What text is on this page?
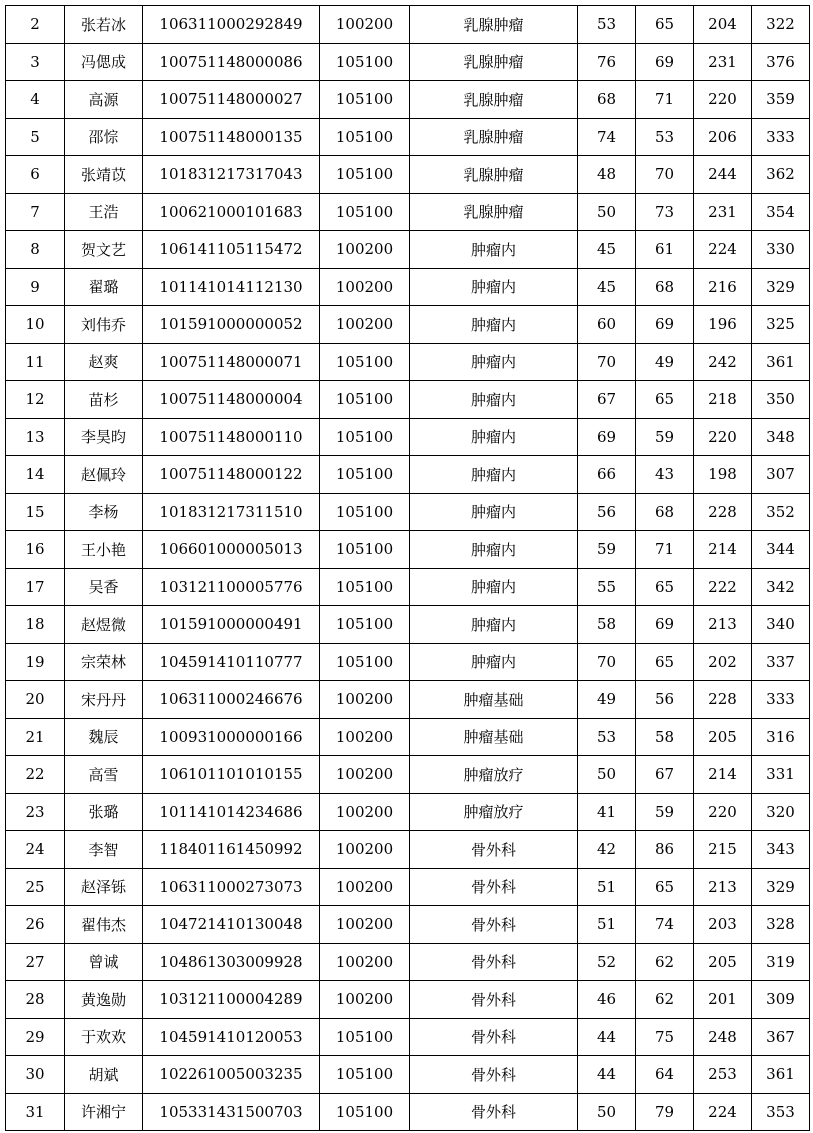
2	张若冰	106311000292849	100200	乳腺肿瘤	53	65	204	322
3	冯偲成	100751148000086	105100	乳腺肿瘤	76	69	231	376
4	高源	100751148000027	105100	乳腺肿瘤	68	71	220	359
5	邵悰	100751148000135	105100	乳腺肿瘤	74	53	206	333
6	张靖苡	101831217317043	105100	乳腺肿瘤	48	70	244	362
7	王浩	100621000101683	105100	乳腺肿瘤	50	73	231	354
8	贺文艺	106141105115472	100200	肿瘤内	45	61	224	330
9	翟璐	101141014112130	100200	肿瘤内	45	68	216	329
10	刘伟乔	101591000000052	100200	肿瘤内	60	69	196	325
11	赵爽	100751148000071	105100	肿瘤内	70	49	242	361
12	苗杉	100751148000004	105100	肿瘤内	67	65	218	350
13	李昊昀	100751148000110	105100	肿瘤内	69	59	220	348
14	赵佩玲	100751148000122	105100	肿瘤内	66	43	198	307
15	李杨	101831217311510	105100	肿瘤内	56	68	228	352
16	王小艳	106601000005013	105100	肿瘤内	59	71	214	344
17	吴香	103121100005776	105100	肿瘤内	55	65	222	342
18	赵煜微	101591000000491	105100	肿瘤内	58	69	213	340
19	宗荣林	104591410110777	105100	肿瘤内	70	65	202	337
20	宋丹丹	106311000246676	100200	肿瘤基础	49	56	228	333
21	魏辰	100931000000166	100200	肿瘤基础	53	58	205	316
22	高雪	106101101010155	100200	肿瘤放疗	50	67	214	331
23	张璐	101141014234686	100200	肿瘤放疗	41	59	220	320
24	李智	118401161450992	100200	骨外科	42	86	215	343
25	赵泽铄	106311000273073	100200	骨外科	51	65	213	329
26	翟伟杰	104721410130048	100200	骨外科	51	74	203	328
27	曾诚	104861303009928	100200	骨外科	52	62	205	319
28	黄逸勋	103121100004289	100200	骨外科	46	62	201	309
29	于欢欢	104591410120053	105100	骨外科	44	75	248	367
30	胡斌	102261005003235	105100	骨外科	44	64	253	361
31	许湘宁	105331431500703	105100	骨外科	50	79	224	353
